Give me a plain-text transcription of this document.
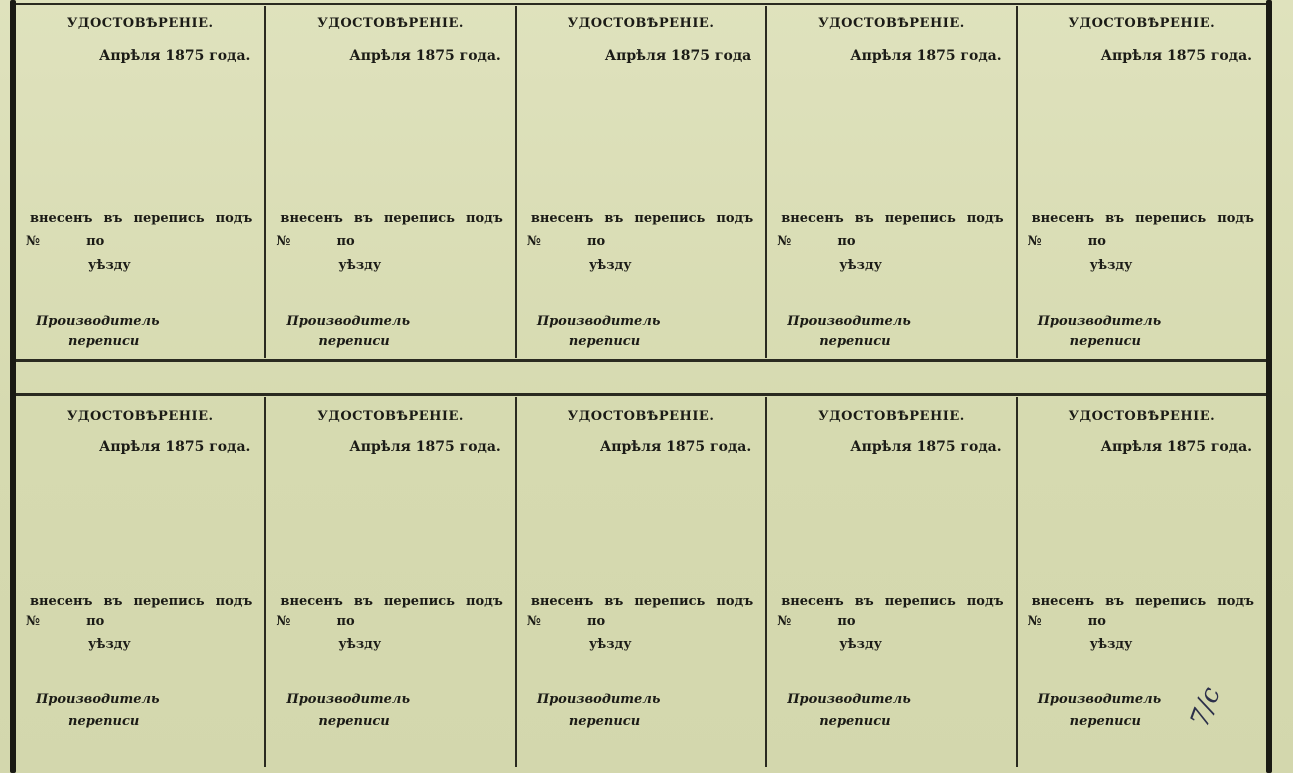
УДОСТОВѢРЕНІЕ.
Апрѣля 1875 года.
внесенъ въ перепись подъ
№	по
уѣзду
Производитель
переписи
УДОСТОВѢРЕНІЕ.
Апрѣля 1875 года.
внесенъ въ перепись подъ
№	по
уѣзду
Производитель
переписи
УДОСТОВѢРЕНІЕ.
Апрѣля 1875 года
внесенъ въ перепись подъ
№	по
уѣзду
Производитель
переписи
УДОСТОВѢРЕНІЕ.
Апрѣля 1875 года.
внесенъ въ перепись подъ
№	по
уѣзду
Производитель
переписи
УДОСТОВѢРЕНІЕ.
Апрѣля 1875 года.
внесенъ въ перепись подъ
№	по
уѣзду
Производитель
переписи
УДОСТОВѢРЕНІЕ.
Апрѣля 1875 года.
внесенъ въ перепись подъ
№	по
уѣзду
Производитель
переписи
УДОСТОВѢРЕНІЕ.
Апрѣля 1875 года.
внесенъ въ перепись подъ
№	по
уѣзду
Производитель
переписи
УДОСТОВѢРЕНІЕ.
Апрѣля 1875 года.
внесенъ въ перепись подъ
№	по
уѣзду
Производитель
переписи
УДОСТОВѢРЕНІЕ.
Апрѣля 1875 года.
внесенъ въ перепись подъ
№	по
уѣзду
Производитель
переписи
УДОСТОВѢРЕНІЕ.
Апрѣля 1875 года.
внесенъ въ перепись подъ
№	по
уѣзду
Производитель
переписи 7/c
